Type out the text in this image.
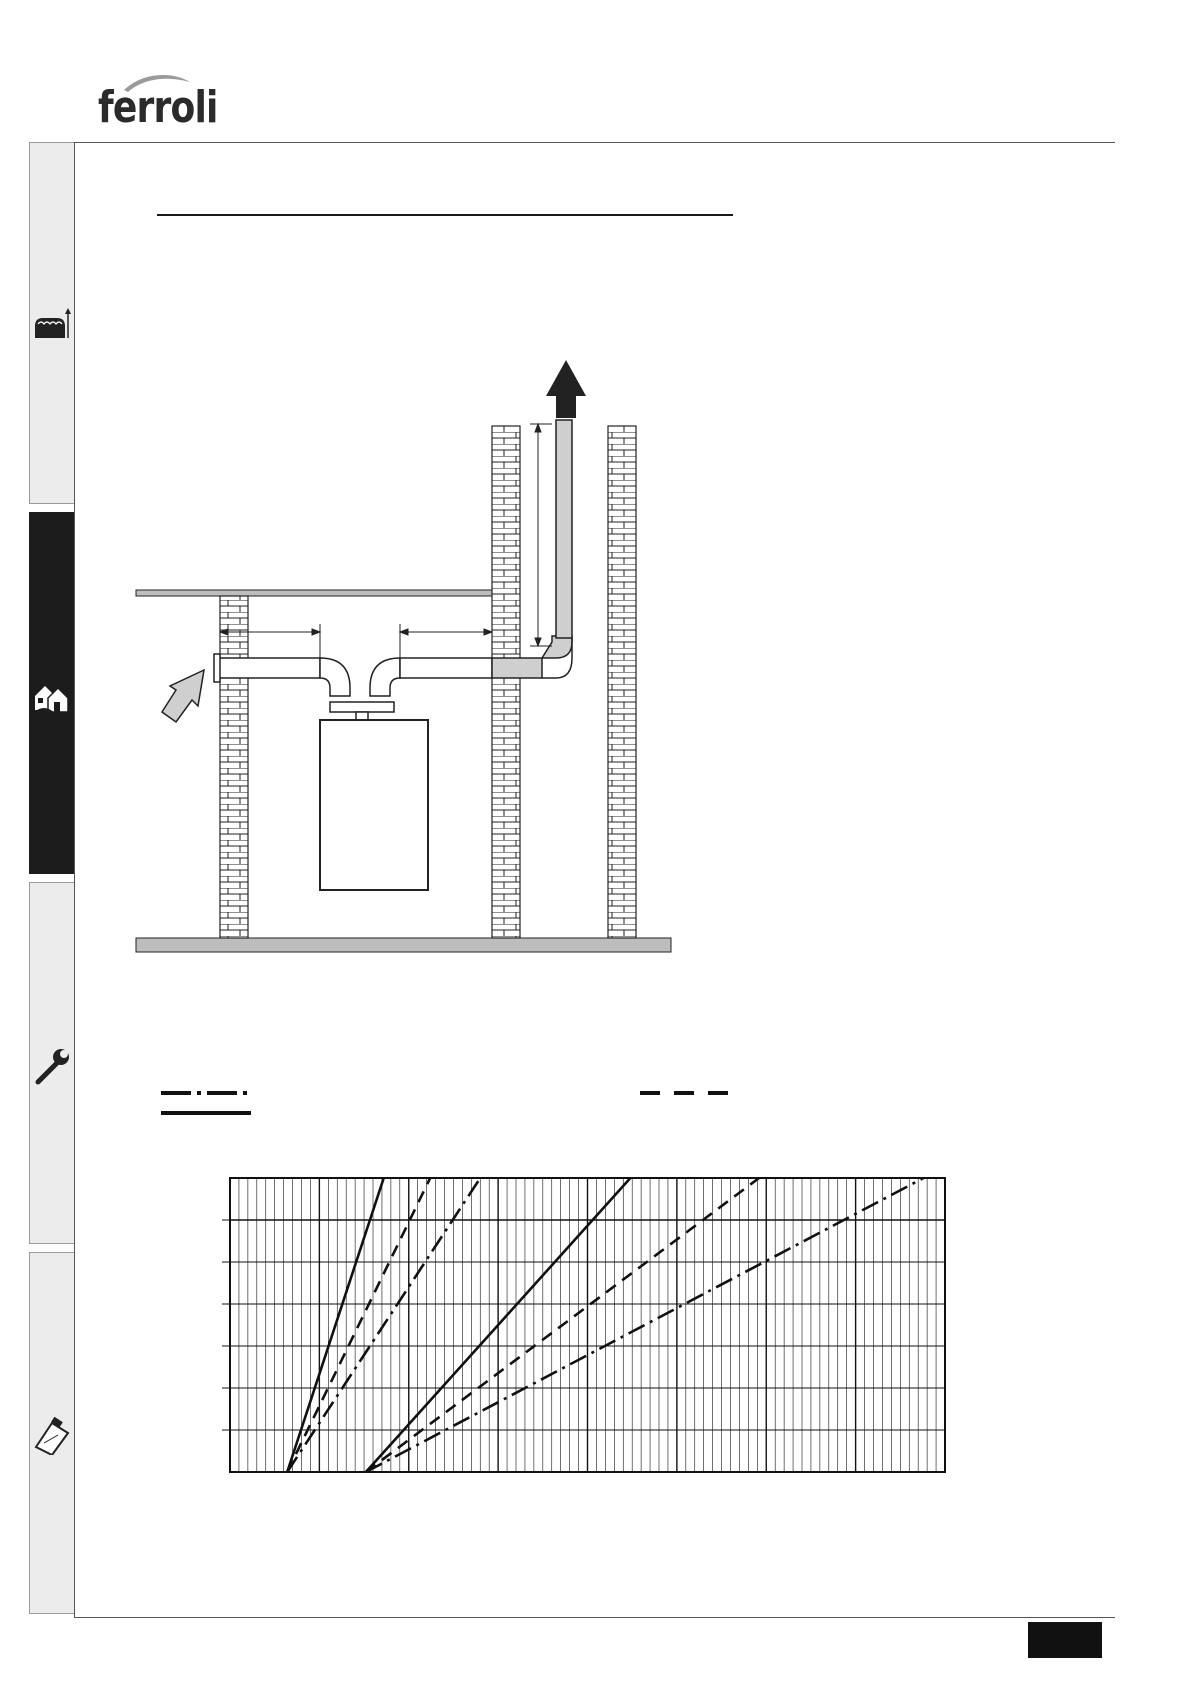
ferroli
